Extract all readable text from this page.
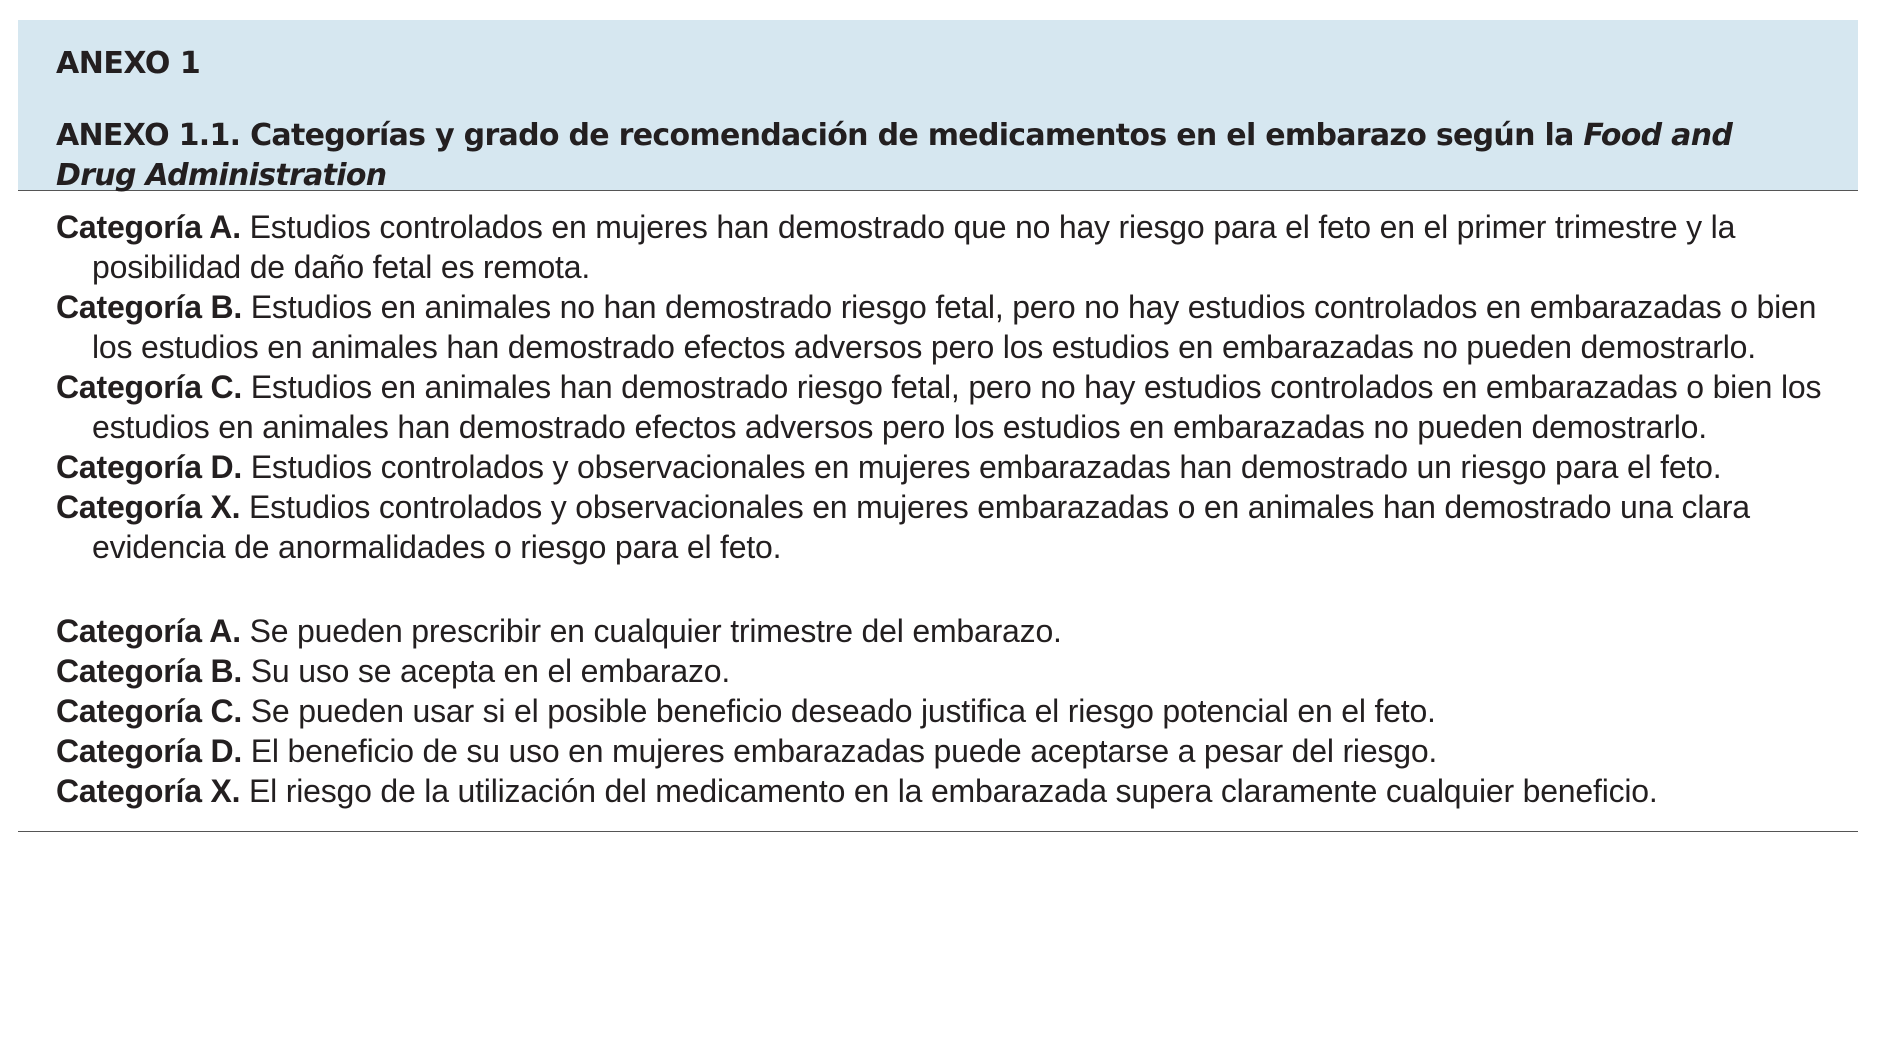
ANEXO 1
ANEXO 1.1. Categorías y grado de recomendación de medicamentos en el embarazo según la Food and Drug Administration
Categoría A. Estudios controlados en mujeres han demostrado que no hay riesgo para el feto en el primer trimestre y la posibilidad de daño fetal es remota.
Categoría B. Estudios en animales no han demostrado riesgo fetal, pero no hay estudios controlados en embarazadas o bien los estudios en animales han demostrado efectos adversos pero los estudios en embarazadas no pueden demostrarlo.
Categoría C. Estudios en animales han demostrado riesgo fetal, pero no hay estudios controlados en embarazadas o bien los estudios en animales han demostrado efectos adversos pero los estudios en embarazadas no pueden demostrarlo.
Categoría D. Estudios controlados y observacionales en mujeres embarazadas han demostrado un riesgo para el feto.
Categoría X. Estudios controlados y observacionales en mujeres embarazadas o en animales han demostrado una clara evidencia de anormalidades o riesgo para el feto.
Categoría A. Se pueden prescribir en cualquier trimestre del embarazo.
Categoría B. Su uso se acepta en el embarazo.
Categoría C. Se pueden usar si el posible beneficio deseado justifica el riesgo potencial en el feto.
Categoría D. El beneficio de su uso en mujeres embarazadas puede aceptarse a pesar del riesgo.
Categoría X. El riesgo de la utilización del medicamento en la embarazada supera claramente cualquier beneficio.
